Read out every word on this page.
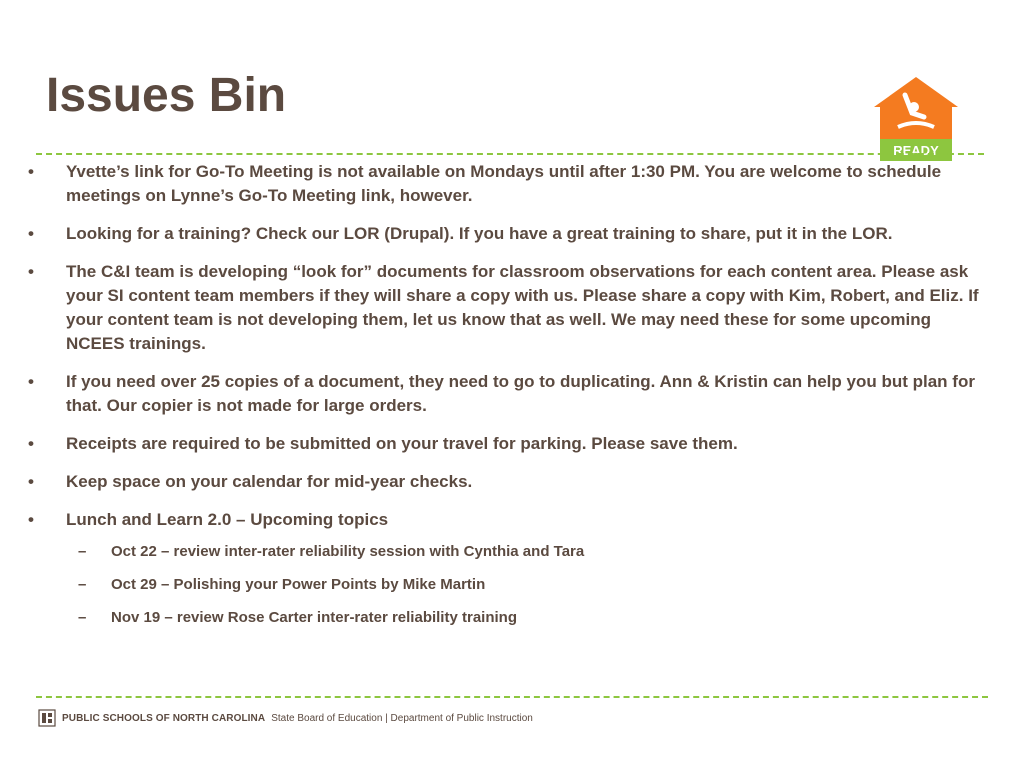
Issues Bin
READY
•	Yvette’s link for Go-To Meeting is not available on Mondays until after 1:30 PM. You are welcome to schedule meetings on Lynne’s Go-To Meeting link, however.
•	Looking for a training? Check our LOR (Drupal). If you have a great training to share, put it in the LOR.
•	The C&I team is developing “look for” documents for classroom observations for each content area. Please ask your SI content team members if they will share a copy with us. Please share a copy with Kim, Robert, and Eliz. If your content team is not developing them, let us know that as well. We may need these for some upcoming NCEES trainings.
•	If you need over 25 copies of a document, they need to go to duplicating. Ann & Kristin can help you but plan for that. Our copier is not made for large orders.
•	Receipts are required to be submitted on your travel for parking. Please save them.
•	Keep space on your calendar for mid-year checks.
•	Lunch and Learn 2.0 – Upcoming topics
– Oct 22 – review inter-rater reliability session with Cynthia and Tara
– Oct 29 – Polishing your Power Points by Mike Martin
– Nov 19 – review Rose Carter inter-rater reliability training
PUBLIC SCHOOLS OF NORTH CAROLINA State Board of Education | Department of Public Instruction
